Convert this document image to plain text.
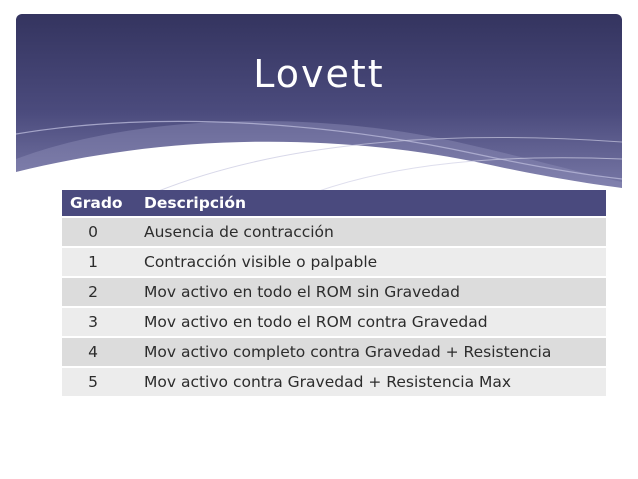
Lovett
Grado	Descripción
0	Ausencia de contracción
1	Contracción visible o palpable
2	Mov activo en todo el ROM sin Gravedad
3	Mov activo en todo el ROM contra Gravedad
4	Mov activo completo contra Gravedad + Resistencia
5	Mov activo contra Gravedad + Resistencia Max
